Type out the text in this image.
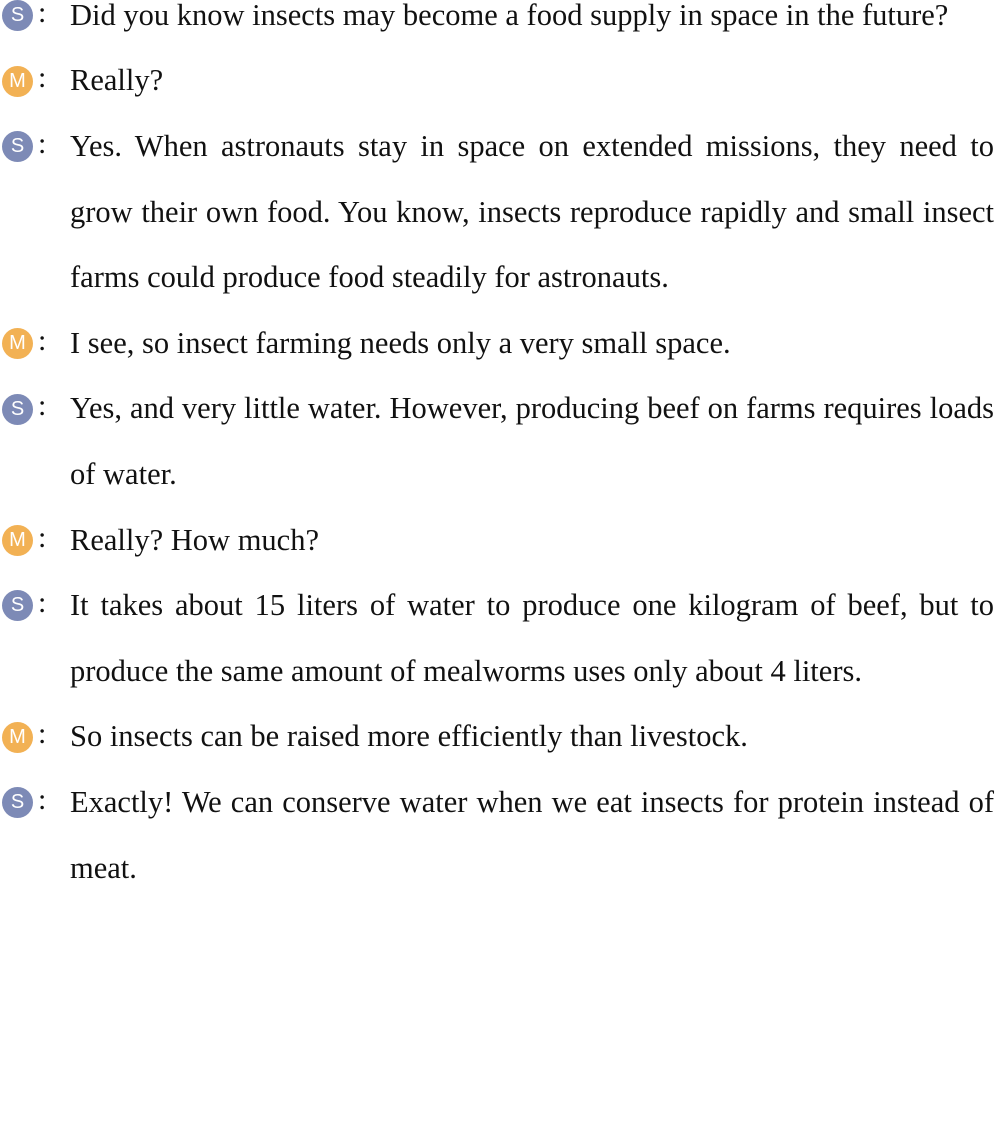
S : Did you know insects may become a food supply in space in the future?

M : Really?

S : Yes. When astronauts stay in space on extended missions, they need to grow their own food. You know, insects reproduce rapidly and small insect farms could produce food steadily for astronauts.

M : I see, so insect farming needs only a very small space.

S : Yes, and very little water. However, producing beef on farms requires loads of water.

M : Really? How much?

S : It takes about 15 liters of water to produce one kilogram of beef, but to produce the same amount of mealworms uses only about 4 liters.

M : So insects can be raised more efficiently than livestock.

S : Exactly! We can conserve water when we eat insects for protein instead of meat.
